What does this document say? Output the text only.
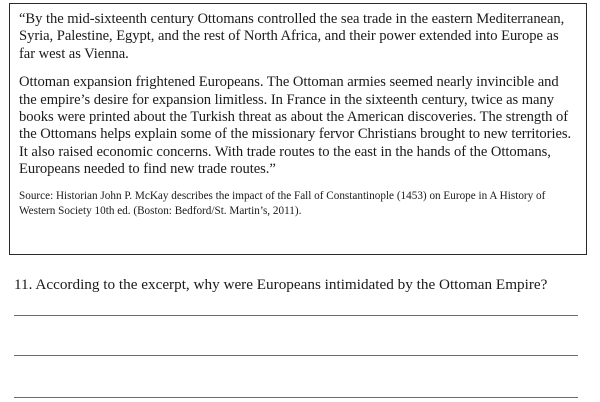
“By the mid-sixteenth century Ottomans controlled the sea trade in the eastern Mediterranean, Syria, Palestine, Egypt, and the rest of North Africa, and their power extended into Europe as far west as Vienna.

Ottoman expansion frightened Europeans. The Ottoman armies seemed nearly invincible and the empire’s desire for expansion limitless. In France in the sixteenth century, twice as many books were printed about the Turkish threat as about the American discoveries. The strength of the Ottomans helps explain some of the missionary fervor Christians brought to new territories. It also raised economic concerns. With trade routes to the east in the hands of the Ottomans, Europeans needed to find new trade routes.”

Source: Historian John P. McKay describes the impact of the Fall of Constantinople (1453) on Europe in A History of Western Society 10th ed. (Boston: Bedford/St. Martin’s, 2011).

11. According to the excerpt, why were Europeans intimidated by the Ottoman Empire?
